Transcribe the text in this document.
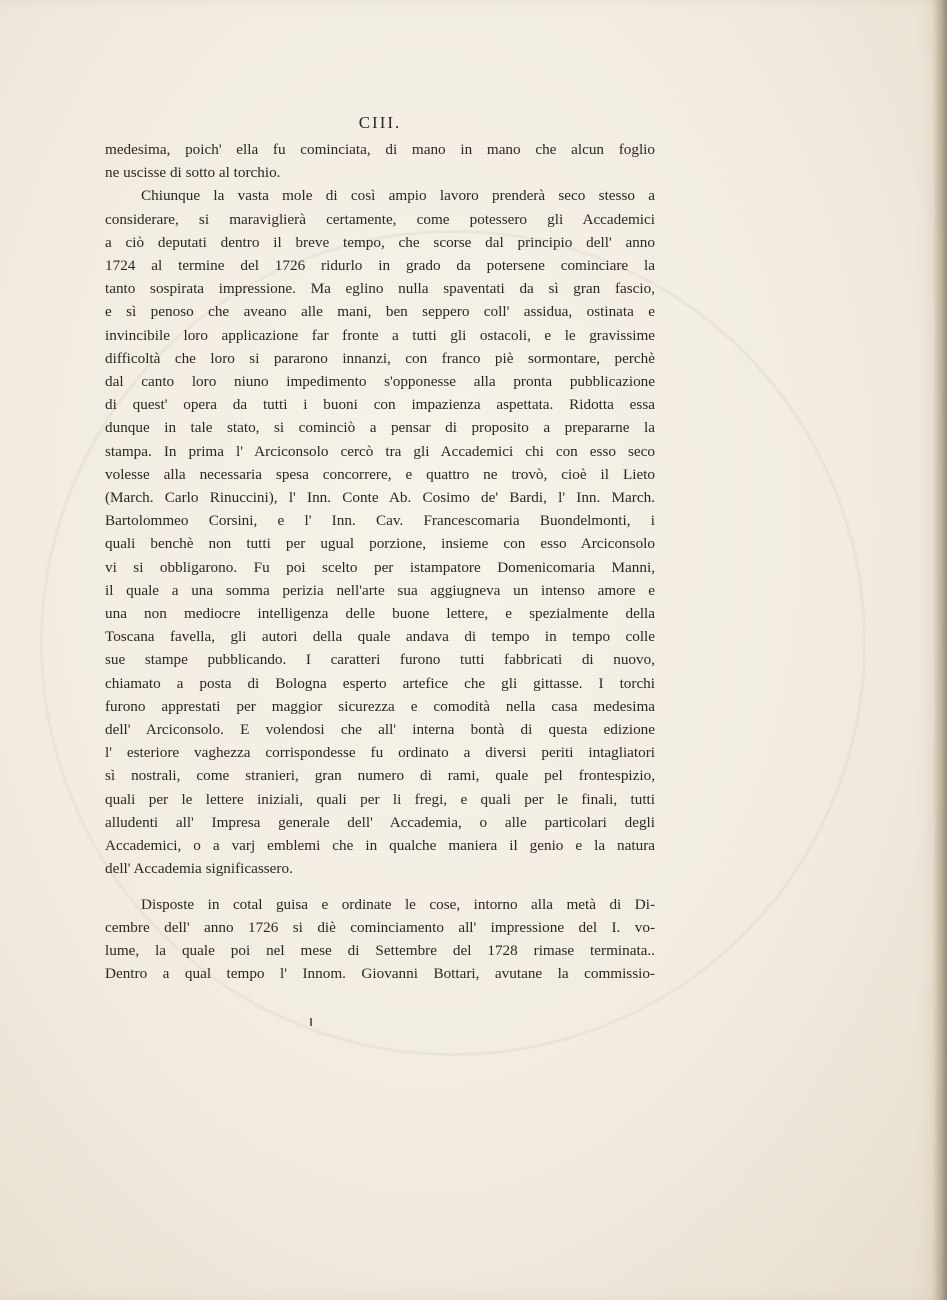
CIII.
medesima, poich' ella fu cominciata, di mano in mano che alcun foglio
ne uscisse di sotto al torchio.
Chiunque la vasta mole di così ampio lavoro prenderà seco stesso a
considerare, si maraviglierà certamente, come potessero gli Accademici
a ciò deputati dentro il breve tempo, che scorse dal principio dell' anno
1724 al termine del 1726 ridurlo in grado da potersene cominciare la
tanto sospirata impressione. Ma eglino nulla spaventati da sì gran fascio,
e sì penoso che aveano alle mani, ben seppero coll' assidua, ostinata e
invincibile loro applicazione far fronte a tutti gli ostacoli, e le gravissime
difficoltà che loro si pararono innanzi, con franco piè sormontare, perchè
dal canto loro niuno impedimento s'opponesse alla pronta pubblicazione
di quest' opera da tutti i buoni con impazienza aspettata. Ridotta essa
dunque in tale stato, si cominciò a pensar di proposito a prepararne la
stampa. In prima l' Arciconsolo cercò tra gli Accademici chi con esso seco
volesse alla necessaria spesa concorrere, e quattro ne trovò, cioè il Lieto
(March. Carlo Rinuccini), l' Inn. Conte Ab. Cosimo de' Bardi, l' Inn. March.
Bartolommeo Corsini, e l' Inn. Cav. Francescomaria Buondelmonti, i
quali benchè non tutti per ugual porzione, insieme con esso Arciconsolo
vi si obbligarono. Fu poi scelto per istampatore Domenicomaria Manni,
il quale a una somma perizia nell'arte sua aggiugneva un intenso amore e
una non mediocre intelligenza delle buone lettere, e spezialmente della
Toscana favella, gli autori della quale andava di tempo in tempo colle
sue stampe pubblicando. I caratteri furono tutti fabbricati di nuovo,
chiamato a posta di Bologna esperto artefice che gli gittasse. I torchi
furono apprestati per maggior sicurezza e comodità nella casa medesima
dell' Arciconsolo. E volendosi che all' interna bontà di questa edizione
l' esteriore vaghezza corrispondesse fu ordinato a diversi periti intagliatori
sì nostrali, come stranieri, gran numero di rami, quale pel frontespizio,
quali per le lettere iniziali, quali per li fregi, e quali per le finali, tutti
alludenti all' Impresa generale dell' Accademia, o alle particolari degli
Accademici, o a varj emblemi che in qualche maniera il genio e la natura
dell' Accademia significassero.
Disposte in cotal guisa e ordinate le cose, intorno alla metà di Di-
cembre dell' anno 1726 si diè cominciamento all' impressione del I. vo-
lume, la quale poi nel mese di Settembre del 1728 rimase terminata..
Dentro a qual tempo l' Innom. Giovanni Bottari, avutane la commissio-
